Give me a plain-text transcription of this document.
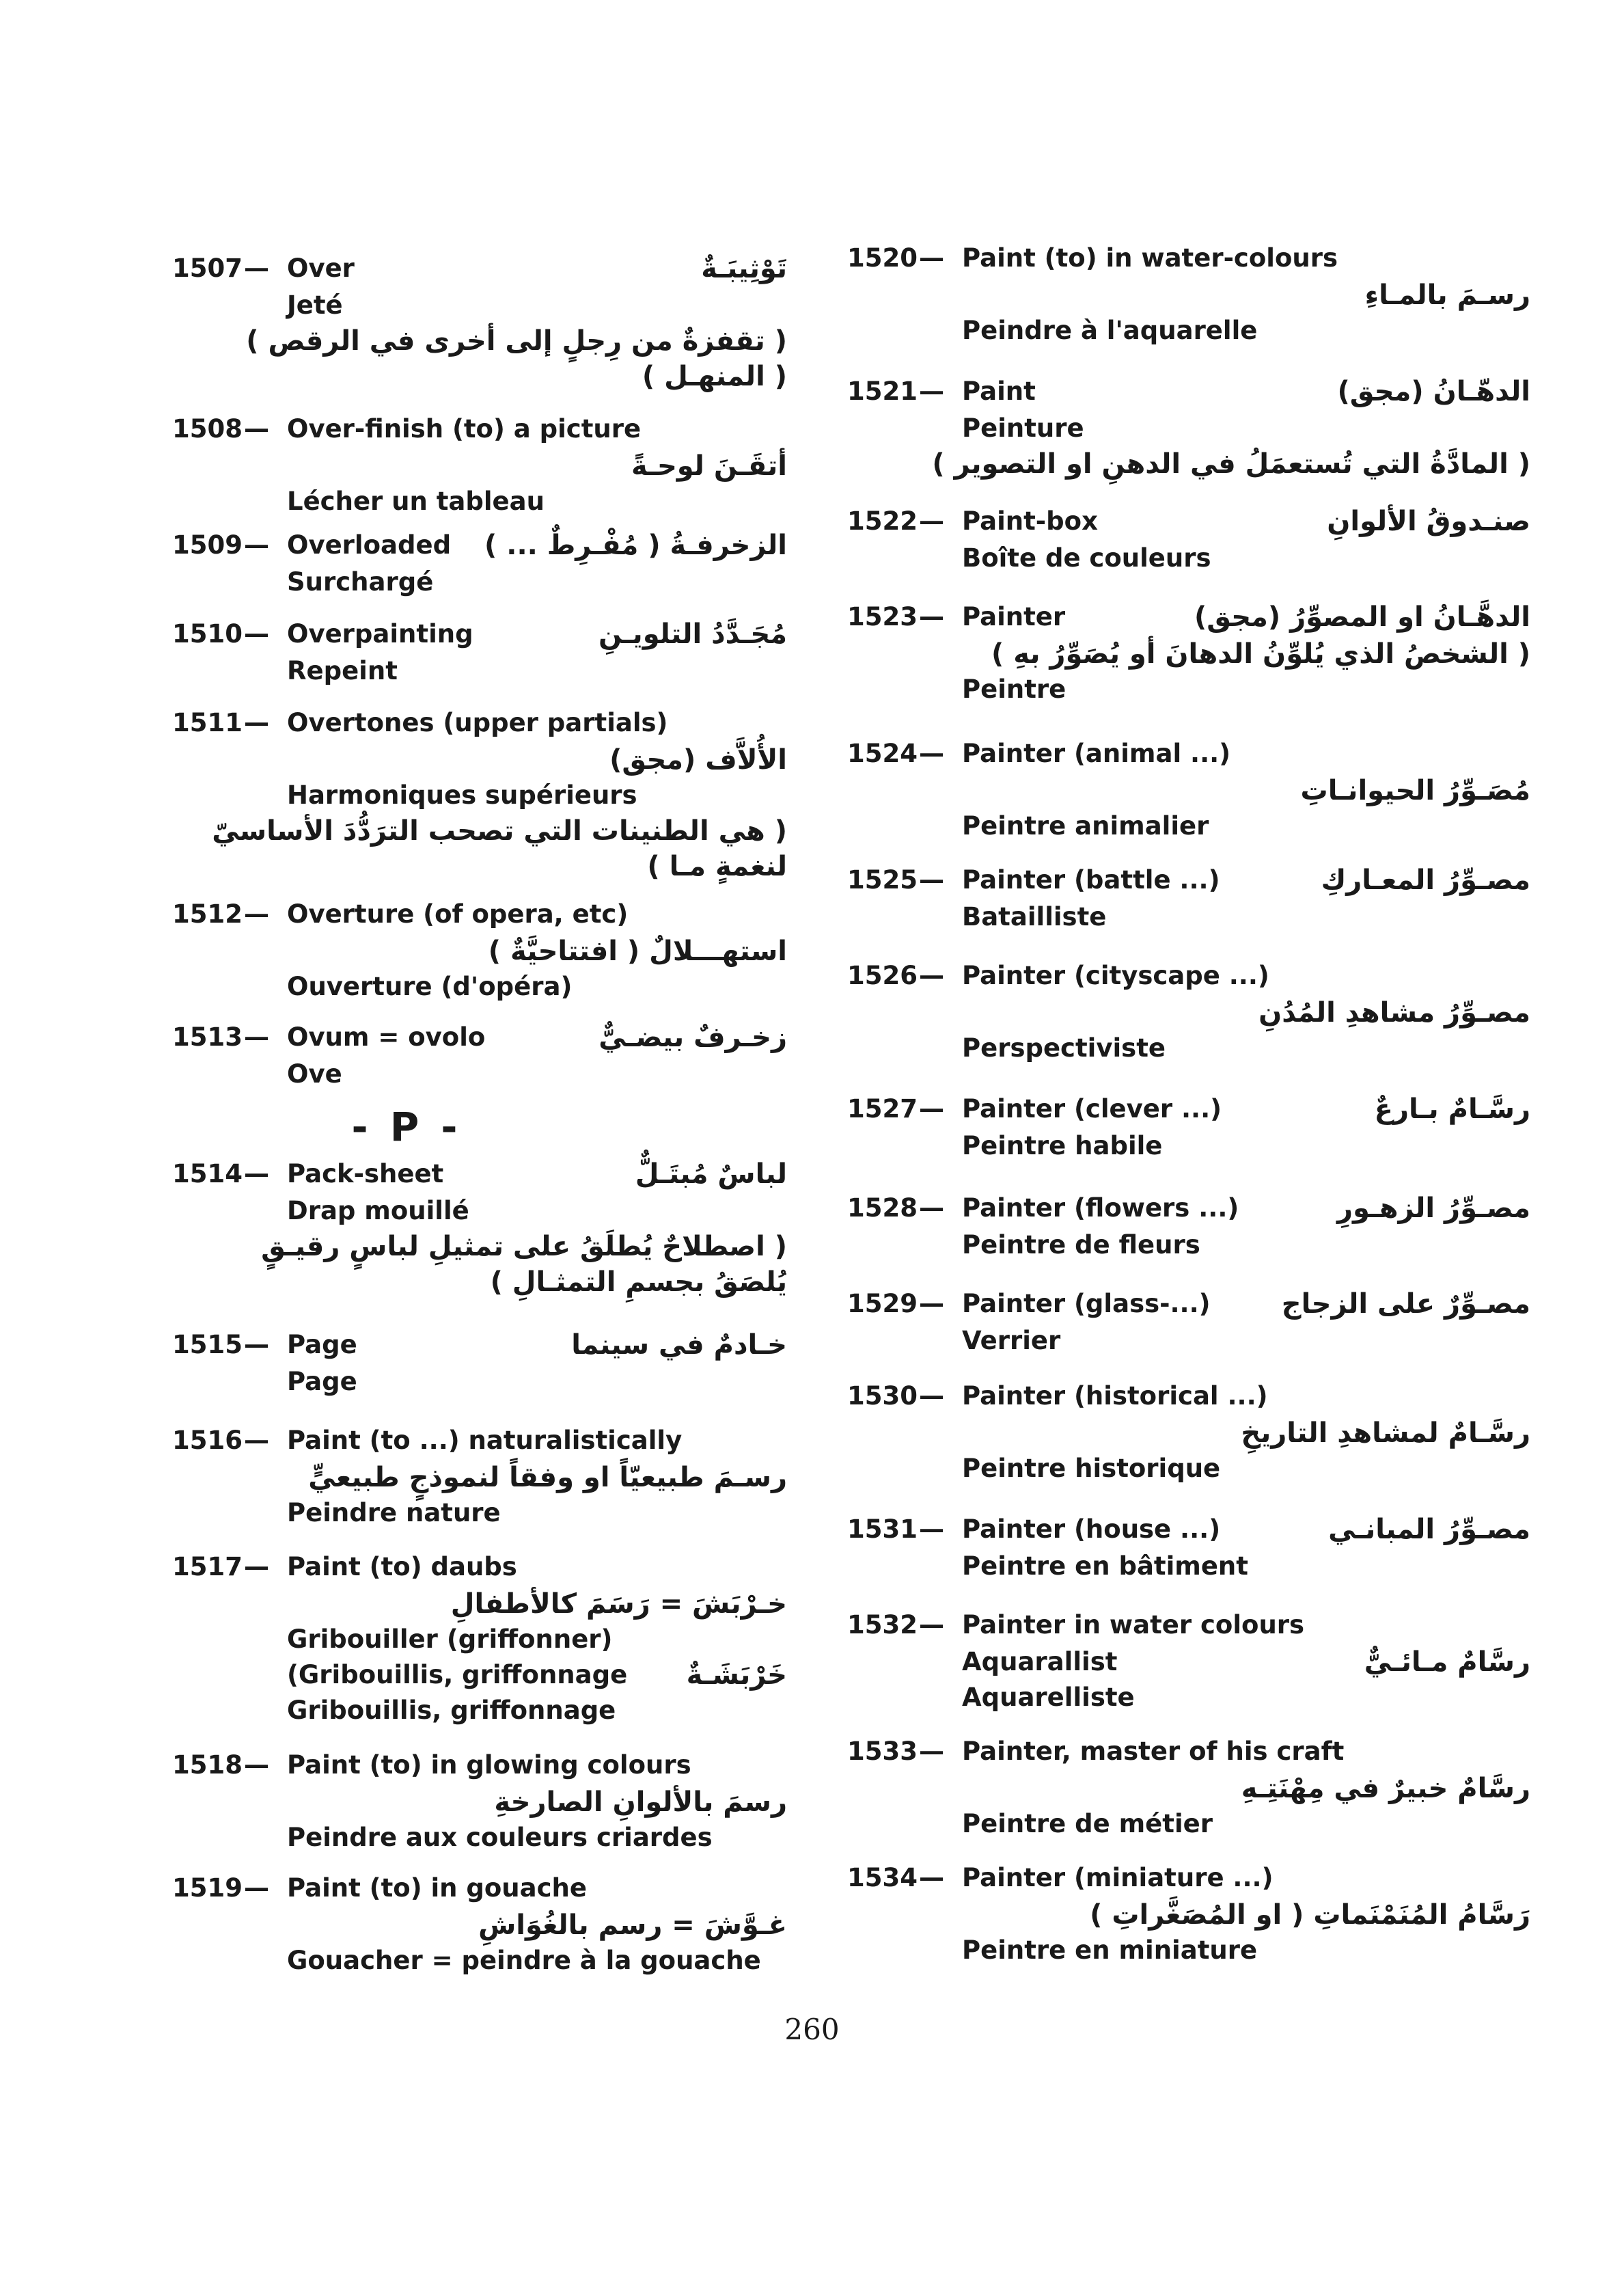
1507 — Over	تَوْثِيبَـةٌ
Jeté
( تقفزةٌ من رِجلٍ إلى أخرى في الرقص )
( المنهـل )
1508 — Over-finish (to) a picture
أتقَـنَ لوحـةً
Lécher un tableau
1509 — Overloaded الزخرفـةُ ( مُفْـرِطٌ ... )
Surchargé
1510 — Overpainting	مُجَـدَّدُ التلويـنِ
Repeint
1511 — Overtones (upper partials)
الأُلاَّف (مجق)
Harmoniques supérieurs
( هي الطنينات التي تصحب الترَدُّدَ الأساسيّ
لنغمةٍ مـا )
1512 — Overture (of opera, etc)
استهـــلالٌ ( افتتاحيَّةٌ )
Ouverture (d'opéra)
1513 — Ovum = ovolo	زخـرفٌ بيضـيٌّ
Ove
1514 — Pack-sheet	لباسٌ مُبتَـلٌّ
Drap mouillé
( اصطلاحٌ يُطلَقُ على تمثيلِ لباسٍ رقيـقٍ
يُلصَقُ بجسمِ التمثـالِ )
1515 — Page	خـادمٌ في سينما
Page
1516 — Paint (to ...) naturalistically
رسـمَ طبيعيّاً او وفقاً لنموذجٍ طبيعيٍّ
Peindre nature
1517 — Paint (to) daubs
خـرْبَشَ = رَسَمَ كالأطفالِ
Gribouiller (griffonner)
(Gribouillis, griffonnage خَرْبَشَـةٌ
Gribouillis, griffonnage
1518 — Paint (to) in glowing colours
رسمَ بالألوانِ الصارخةِ
Peindre aux couleurs criardes
1519 — Paint (to) in gouache
غـوَّشَ = رسم بالغُوَاشِ
Gouacher = peindre à la gouache
1520 — Paint (to) in water-colours
رسـمَ بالمـاءِ
Peindre à l'aquarelle
1521 — Paint	الدهّـانُ (مجق)
Peinture
( المادَّةُ التي تُستعمَلُ في الدهنِ او التصوير )
1522 — Paint-box	صنـدوقُ الألوانِ
Boîte de couleurs
1523 — Painter	الدهَّـانُ او المصوِّرُ (مجق)
( الشخصُ الذي يُلوِّنُ الدهانَ أو يُصَوِّرُ بهِ )
Peintre
1524 — Painter (animal ...)
مُصَـوِّرُ الحيوانـاتِ
Peintre animalier
1525 — Painter (battle ...)	مصـوِّرُ المعـاركِ
Batailliste
1526 — Painter (cityscape ...)
مصـوِّرُ مشاهدِ المُدُنِ
Perspectiviste
1527 — Painter (clever ...)	رسَّـامٌ بـارعٌ
Peintre habile
1528 — Painter (flowers ...)	مصـوِّرُ الزهـورِ
Peintre de fleurs
1529 — Painter (glass-...)	مصـوِّرٌ على الزجاج
Verrier
1530 — Painter (historical ...)
رسَّـامٌ لمشاهدِ التاريخِ
Peintre historique
1531 — Painter (house ...)	مصـوِّرُ المبانـي
Peintre en bâtiment
1532 — Painter in water colours
Aquarallist	رسَّامٌ مـائـيٌّ
Aquarelliste
1533 — Painter, master of his craft
رسَّامٌ خبيرٌ في مِهْنَتِـهِ
Peintre de métier
1534 — Painter (miniature ...)
رَسَّامُ المُنَمْنَماتِ ( او المُصَغَّراتِ )
Peintre en miniature
- P -
260
